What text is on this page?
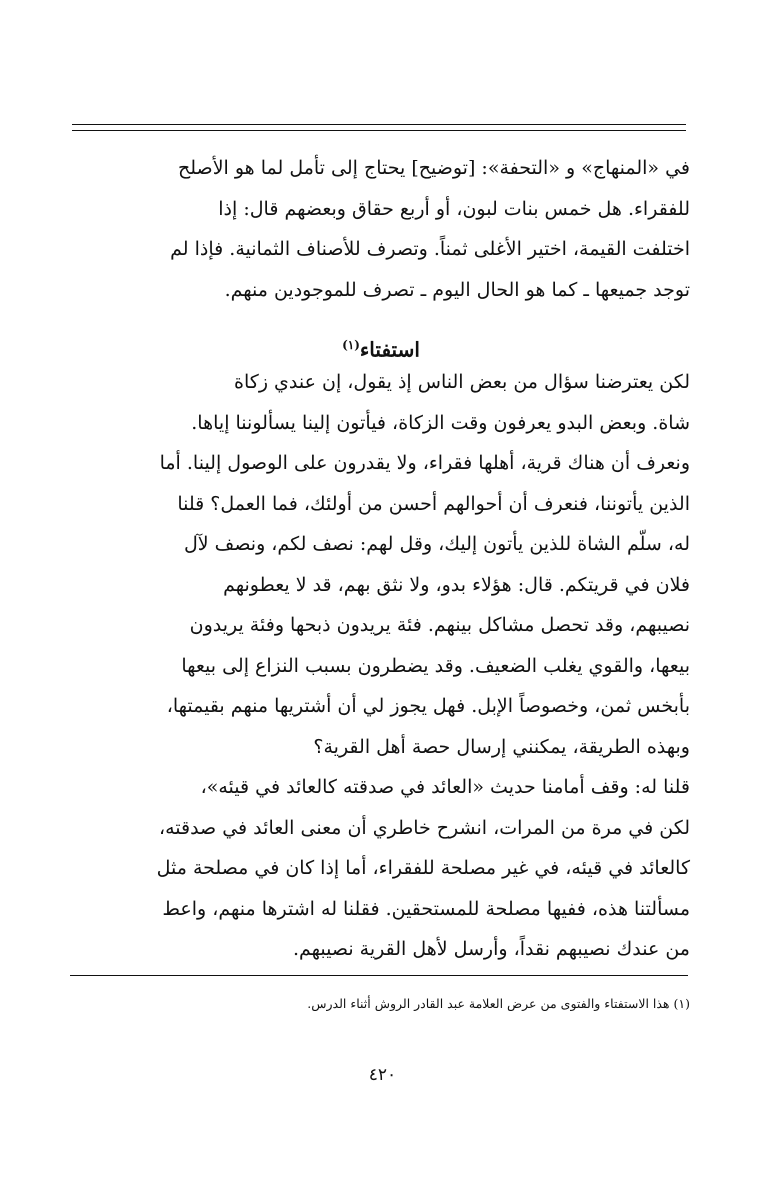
في «المنهاج» و «التحفة»: [توضيح] يحتاج إلى تأمل لما هو الأصلح
للفقراء. هل خمس بنات لبون، أو أربع حقاق وبعضهم قال: إذا
اختلفت القيمة، اختير الأغلى ثمناً. وتصرف للأصناف الثمانية. فإذا لم
توجد جميعها ـ كما هو الحال اليوم ـ تصرف للموجودين منهم.

استفتاء$^{(١)}$

لكن يعترضنا سؤال من بعض الناس إذ يقول، إن عندي زكاة
شاة. وبعض البدو يعرفون وقت الزكاة، فيأتون إلينا يسألوننا إياها.
ونعرف أن هناك قرية، أهلها فقراء، ولا يقدرون على الوصول إلينا. أما
الذين يأتوننا، فنعرف أن أحوالهم أحسن من أولئك، فما العمل؟ قلنا
له، سلّم الشاة للذين يأتون إليك، وقل لهم: نصف لكم، ونصف لآل
فلان في قريتكم. قال: هؤلاء بدو، ولا نثق بهم، قد لا يعطونهم
نصيبهم، وقد تحصل مشاكل بينهم. فئة يريدون ذبحها وفئة يريدون
بيعها، والقوي يغلب الضعيف. وقد يضطرون بسبب النزاع إلى بيعها
بأبخس ثمن، وخصوصاً الإبل. فهل يجوز لي أن أشتريها منهم بقيمتها،
وبهذه الطريقة، يمكنني إرسال حصة أهل القرية؟
قلنا له: وقف أمامنا حديث «العائد في صدقته كالعائد في قيئه»،
لكن في مرة من المرات، انشرح خاطري أن معنى العائد في صدقته،
كالعائد في قيئه، في غير مصلحة للفقراء، أما إذا كان في مصلحة مثل
مسألتنا هذه، ففيها مصلحة للمستحقين. فقلنا له اشترها منهم، واعط
من عندك نصيبهم نقداً، وأرسل لأهل القرية نصيبهم.

(١) هذا الاستفتاء والفتوى من عرض العلامة عبد القادر الروش أثناء الدرس.

٤٢٠
